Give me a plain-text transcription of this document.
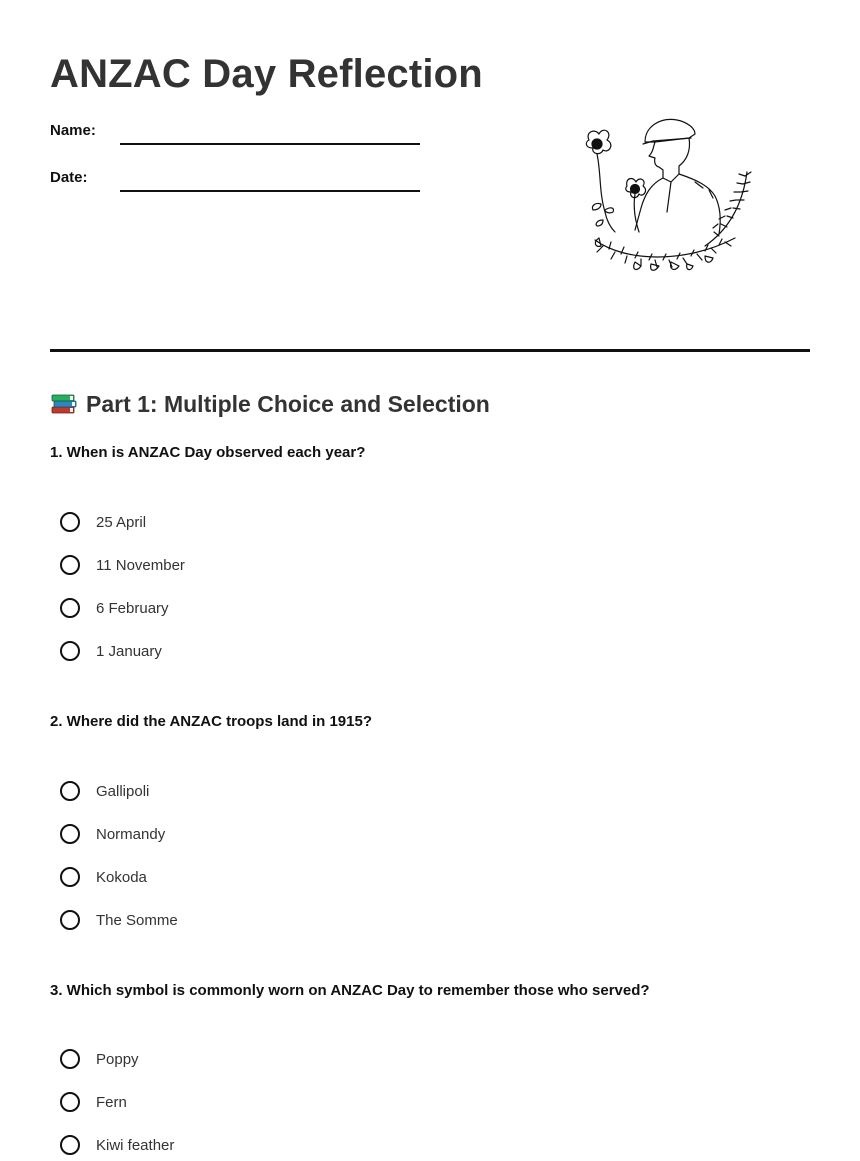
ANZAC Day Reflection
Name:
Date:
Part 1: Multiple Choice and Selection
1. When is ANZAC Day observed each year?
25 April
11 November
6 February
1 January
2. Where did the ANZAC troops land in 1915?
Gallipoli
Normandy
Kokoda
The Somme
3. Which symbol is commonly worn on ANZAC Day to remember those who served?
Poppy
Fern
Kiwi feather
